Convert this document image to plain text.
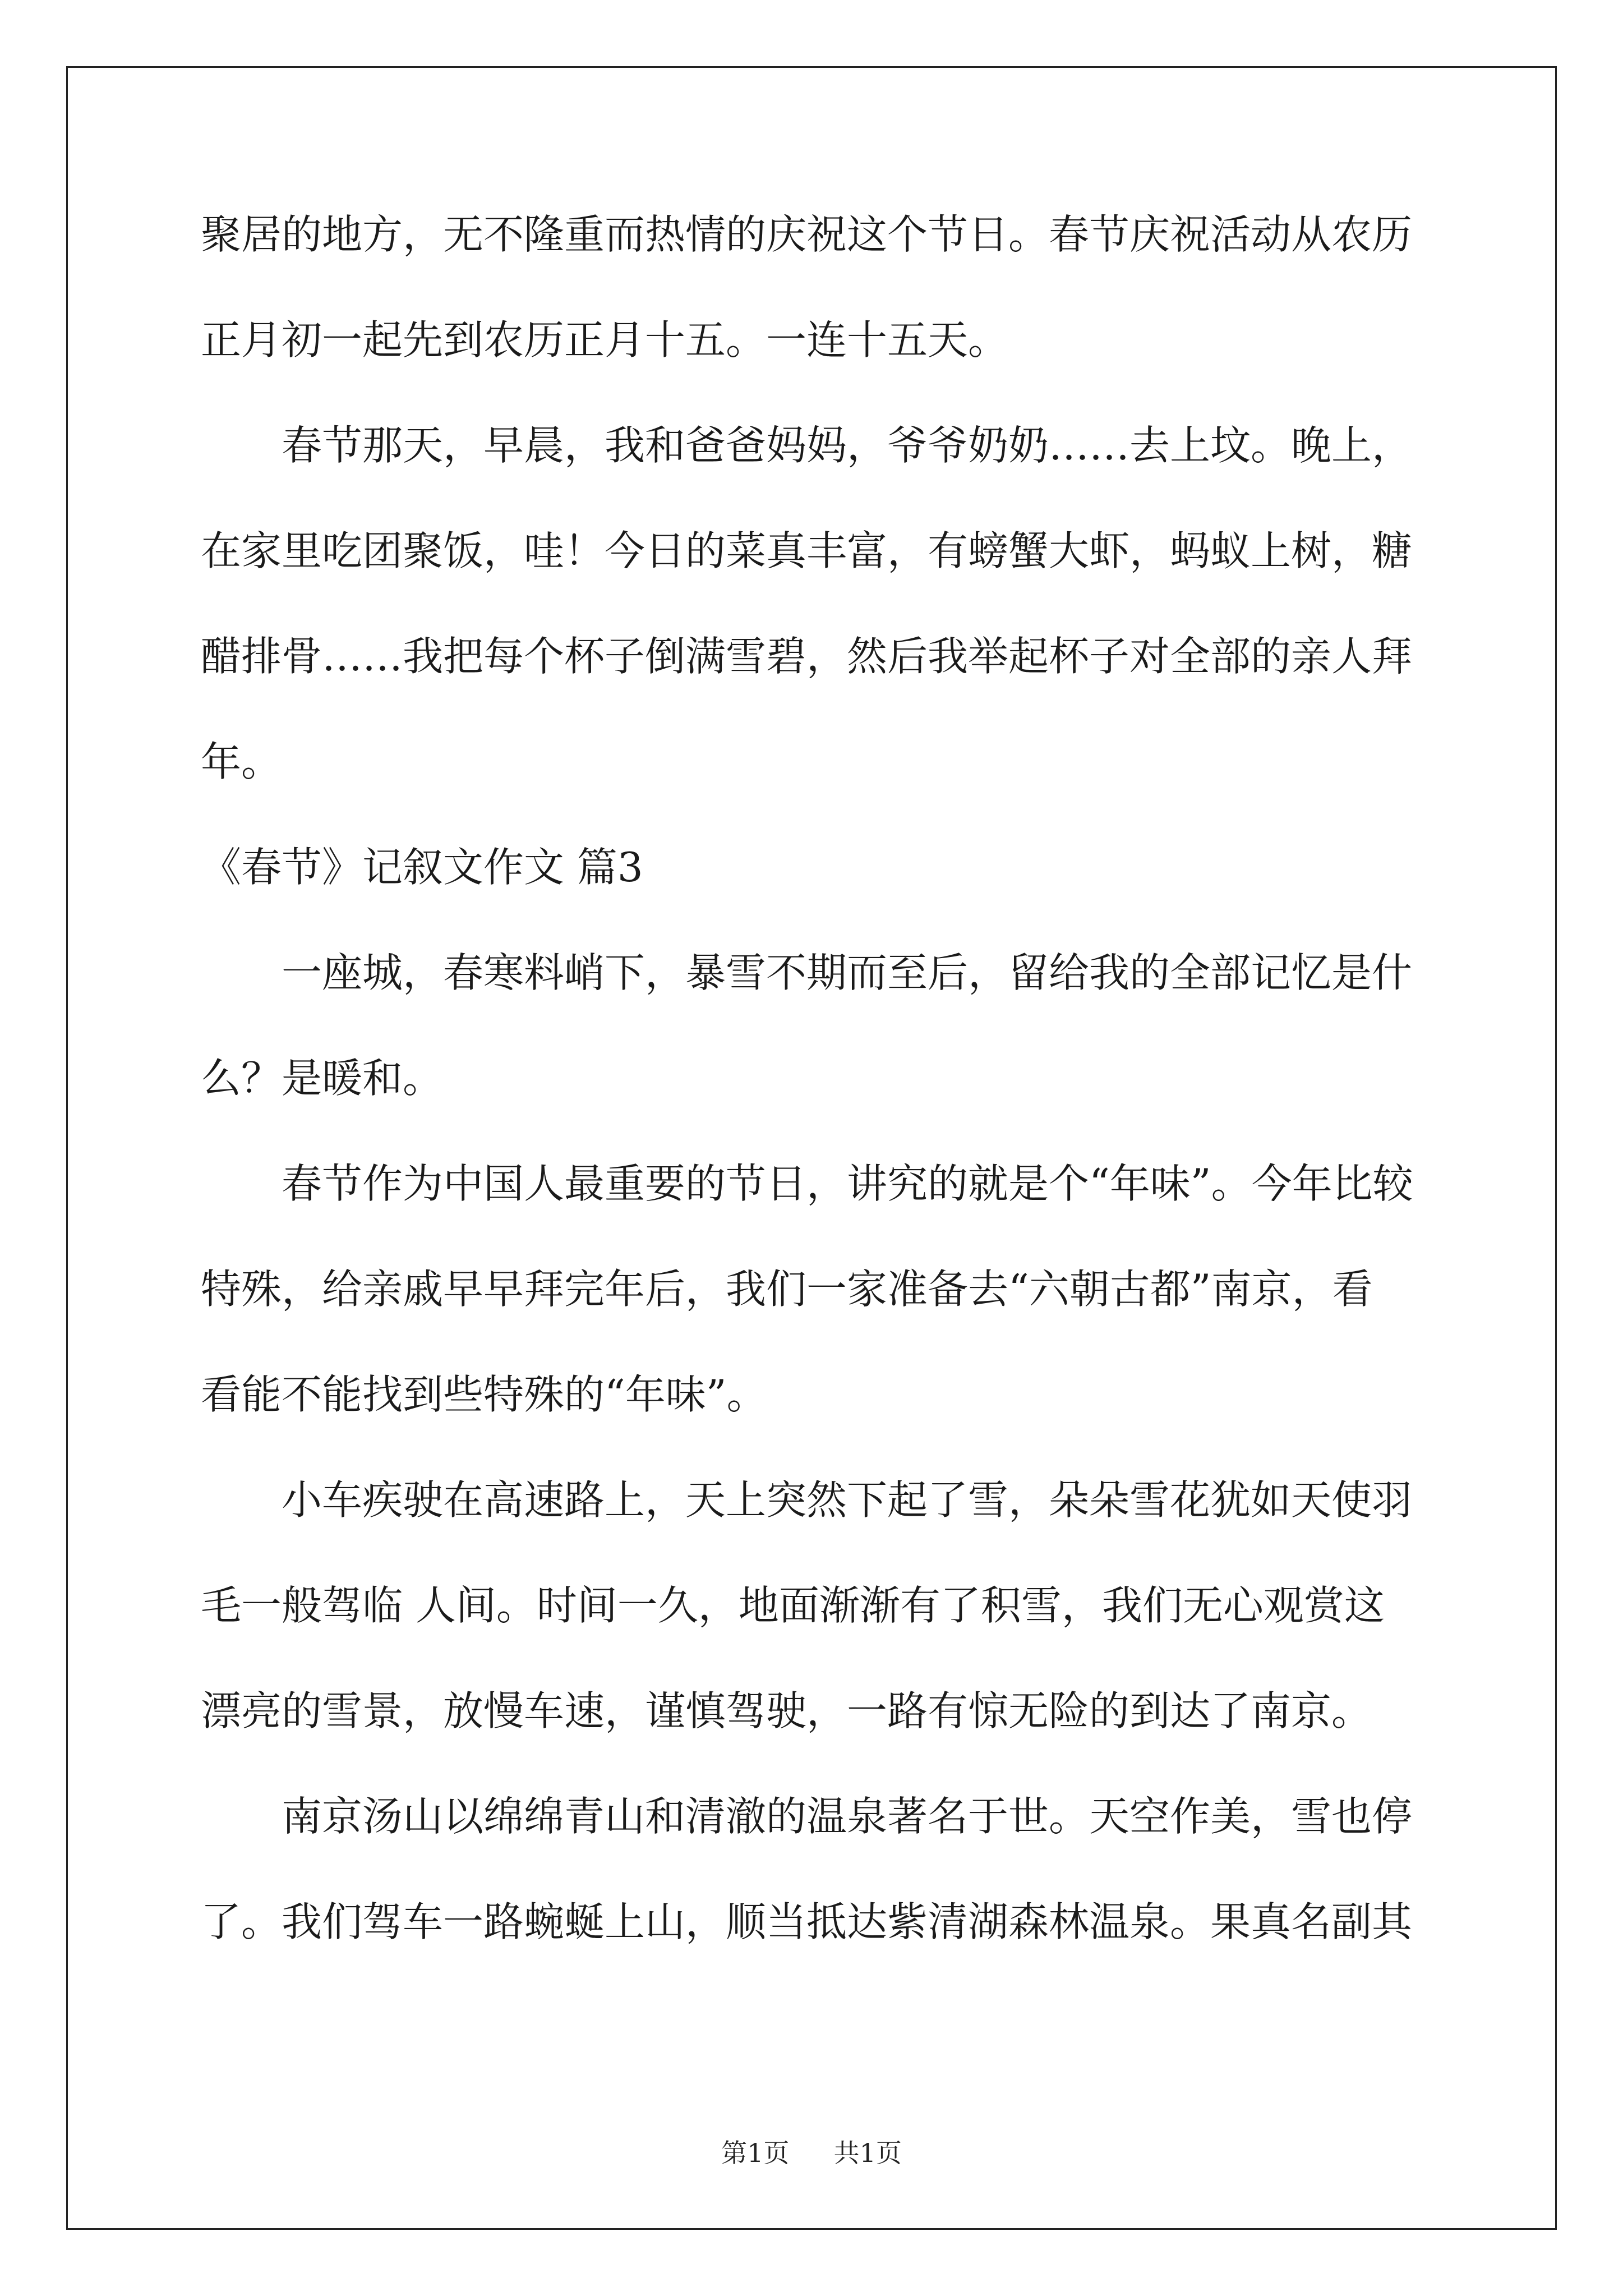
聚居的地方，无不隆重而热情的庆祝这个节日。春节庆祝活动从农历

正月初一起先到农历正月十五。一连十五天。

春节那天，早晨，我和爸爸妈妈，爷爷奶奶……去上坟。晚上，

在家里吃团聚饭，哇！今日的菜真丰富，有螃蟹大虾，蚂蚁上树，糖

醋排骨……我把每个杯子倒满雪碧，然后我举起杯子对全部的亲人拜

年。

《春节》记叙文作文 篇3

一座城，春寒料峭下，暴雪不期而至后，留给我的全部记忆是什

么？是暖和。

春节作为中国人最重要的节日，讲究的就是个“年味”。今年比较

特殊，给亲戚早早拜完年后，我们一家准备去“六朝古都”南京，看

看能不能找到些特殊的“年味”。

小车疾驶在高速路上，天上突然下起了雪，朵朵雪花犹如天使羽

毛一般驾临 人间。时间一久，地面渐渐有了积雪，我们无心观赏这

漂亮的雪景，放慢车速，谨慎驾驶，一路有惊无险的到达了南京。

南京汤山以绵绵青山和清澈的温泉著名于世。天空作美，雪也停

了。我们驾车一路蜿蜒上山，顺当抵达紫清湖森林温泉。果真名副其

第1页 共1页
